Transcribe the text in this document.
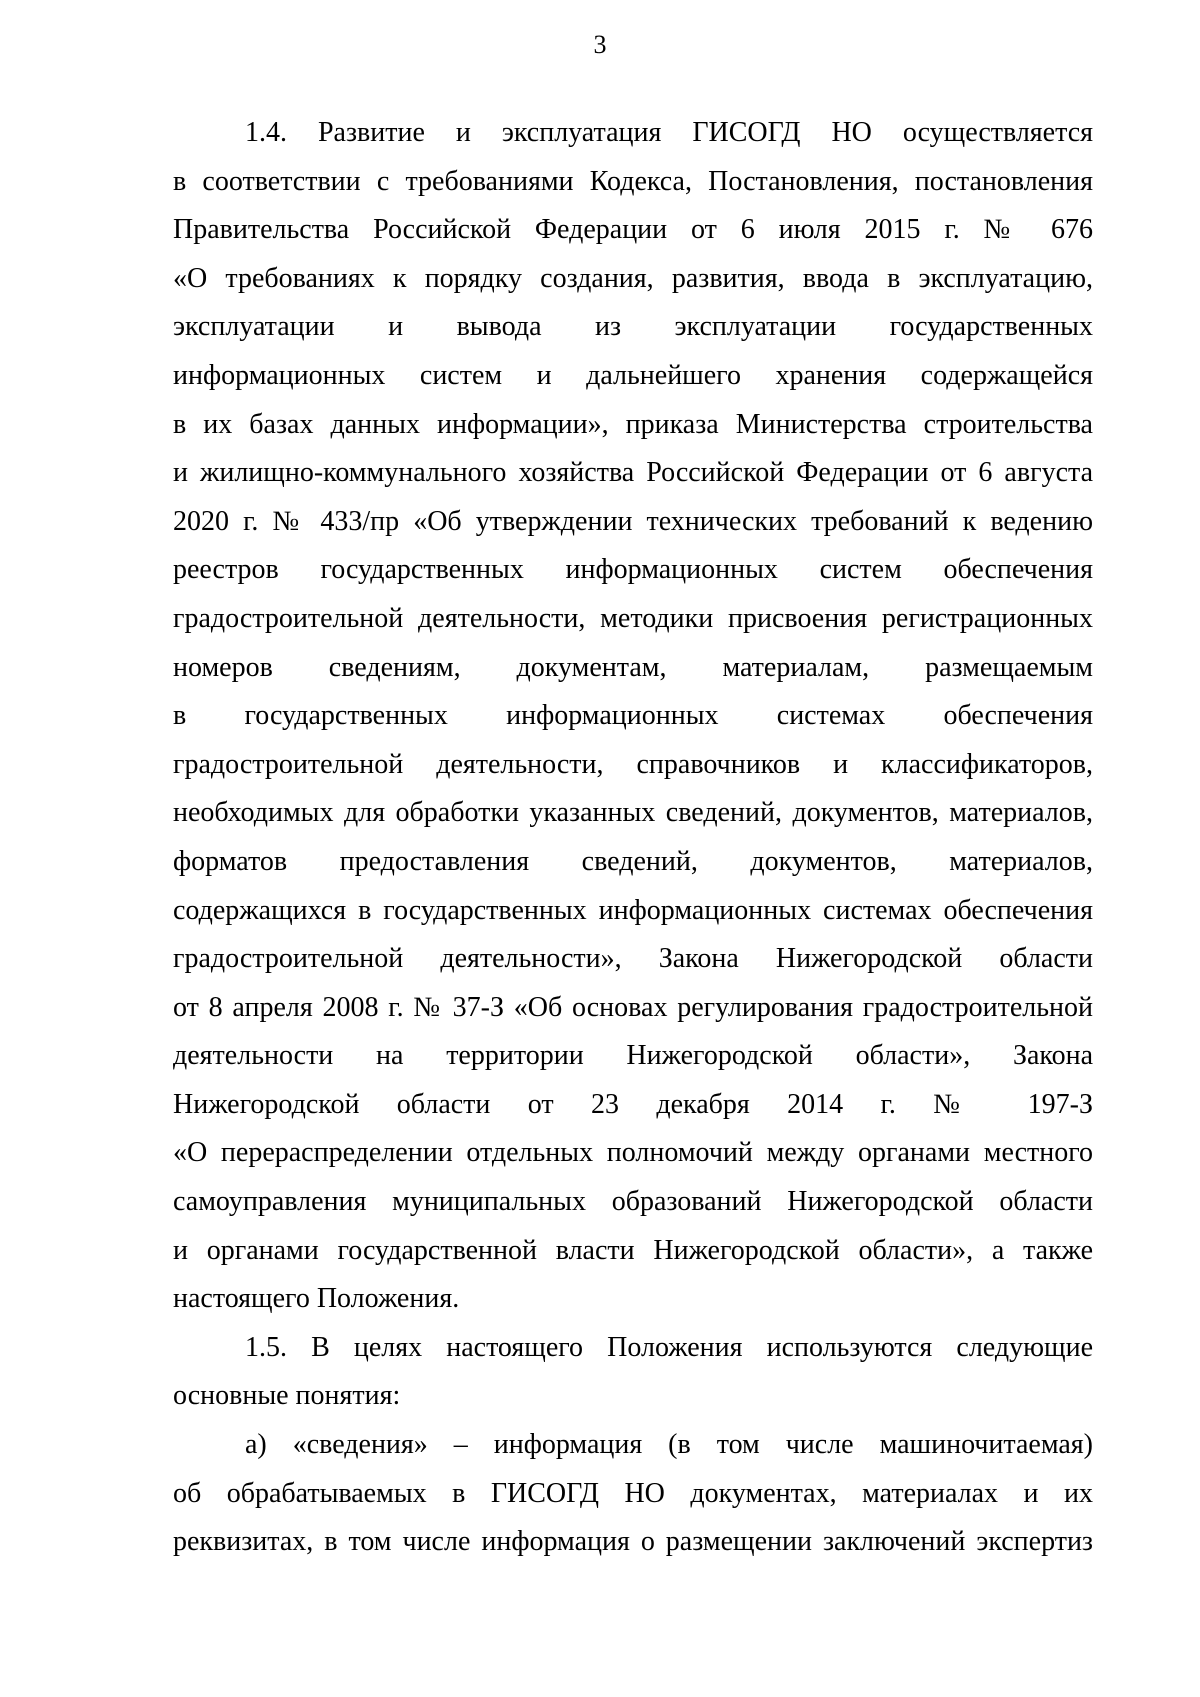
3
1.4. Развитие и эксплуатация ГИСОГД НО осуществляется
в соответствии с требованиями Кодекса, Постановления, постановления
Правительства Российской Федерации от 6 июля 2015 г. № 676
«О требованиях к порядку создания, развития, ввода в эксплуатацию,
эксплуатации и вывода из эксплуатации государственных
информационных систем и дальнейшего хранения содержащейся
в их базах данных информации», приказа Министерства строительства
и жилищно-коммунального хозяйства Российской Федерации от 6 августа
2020 г. № 433/пр «Об утверждении технических требований к ведению
реестров государственных информационных систем обеспечения
градостроительной деятельности, методики присвоения регистрационных
номеров сведениям, документам, материалам, размещаемым
в государственных информационных системах обеспечения
градостроительной деятельности, справочников и классификаторов,
необходимых для обработки указанных сведений, документов, материалов,
форматов предоставления сведений, документов, материалов,
содержащихся в государственных информационных системах обеспечения
градостроительной деятельности», Закона Нижегородской области
от 8 апреля 2008 г. № 37-З «Об основах регулирования градостроительной
деятельности на территории Нижегородской области», Закона
Нижегородской области от 23 декабря 2014 г. № 197-З
«О перераспределении отдельных полномочий между органами местного
самоуправления муниципальных образований Нижегородской области
и органами государственной власти Нижегородской области», а также
настоящего Положения.
1.5. В целях настоящего Положения используются следующие
основные понятия:
а) «сведения» – информация (в том числе машиночитаемая)
об обрабатываемых в ГИСОГД НО документах, материалах и их
реквизитах, в том числе информация о размещении заключений экспертиз
